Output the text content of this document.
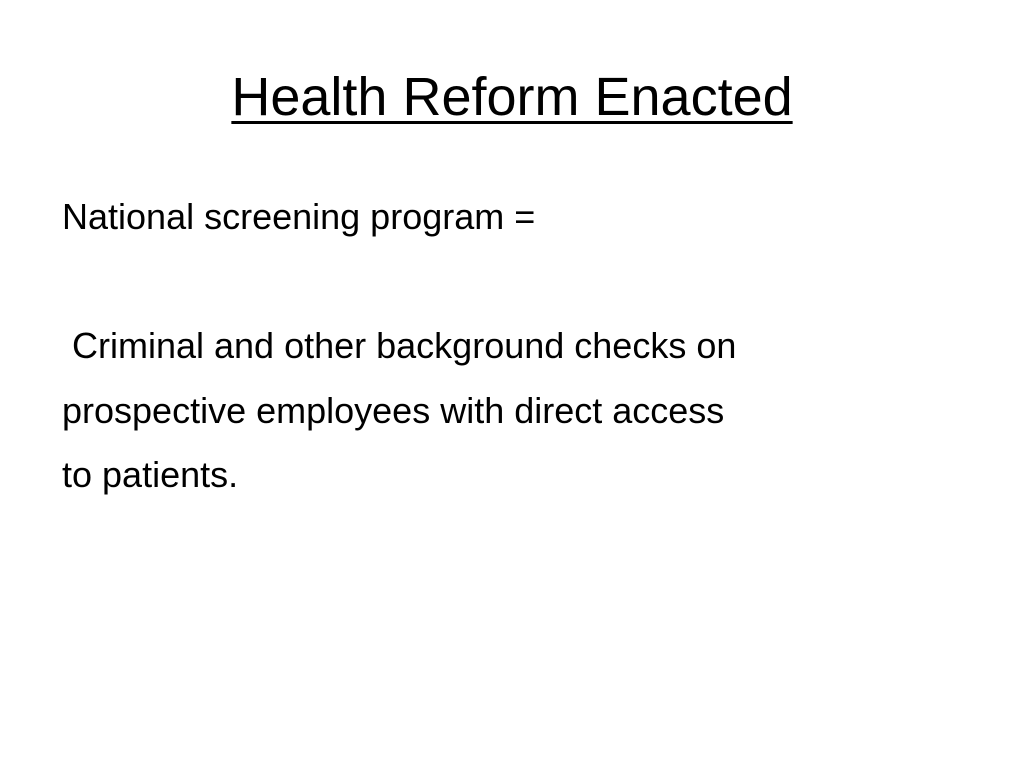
Health Reform Enacted
National screening program =
Criminal and other background checks on
prospective employees with direct access
to patients.
